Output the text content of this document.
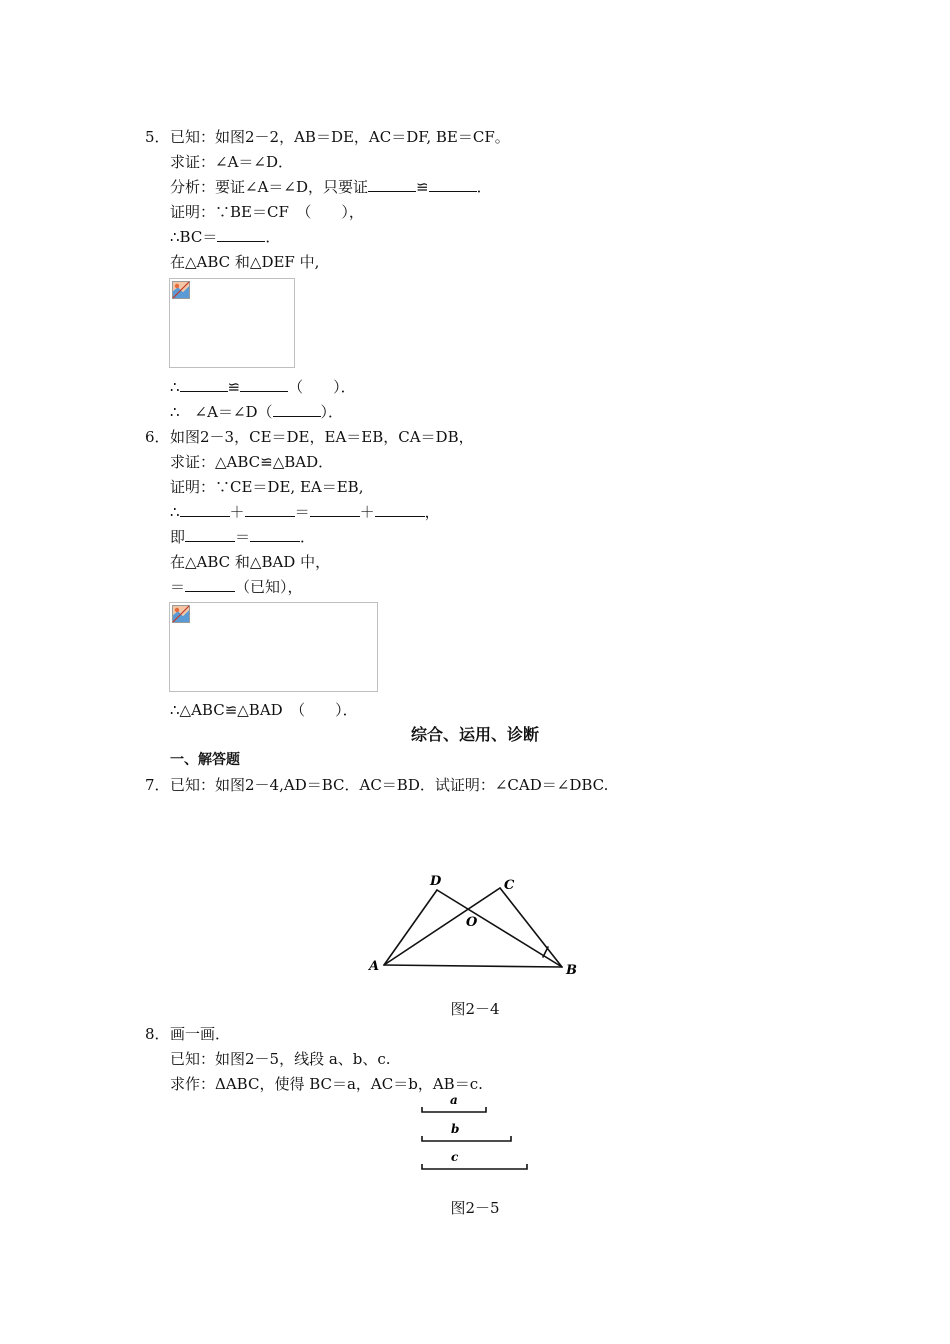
5． 已知：如图2－2，AB＝DE，AC＝DF, BE＝CF。
求证：∠A＝∠D．
分析：要证∠A＝∠D，只要证	≌	．
证明：∵BE＝CF　（　　），
∴BC＝	．
在△ABC 和△DEF 中,
∴	≌	（　　）．
∴　∠A＝∠D（	）．
6． 如图2－3，CE＝DE，EA＝EB，CA＝DB，
求证：△ABC≌△BAD．
证明：∵CE＝DE, EA＝EB,
∴	＋	＝	＋	，
即	＝	．
在△ABC 和△BAD 中，
＝	（已知），
∴△ABC≌△BAD　（　　）．
综合、运用、诊断
一、解答题
7． 已知：如图2－4,AD＝BC．AC＝BD．试证明：∠CAD＝∠DBC.
A	B
C
D
O
图2－4
8． 画一画．
已知：如图2－5，线段 a、b、c.
求作：ΔABC，使得 BC＝a，AC＝b，AB＝c.
a
b
c
图2－5
